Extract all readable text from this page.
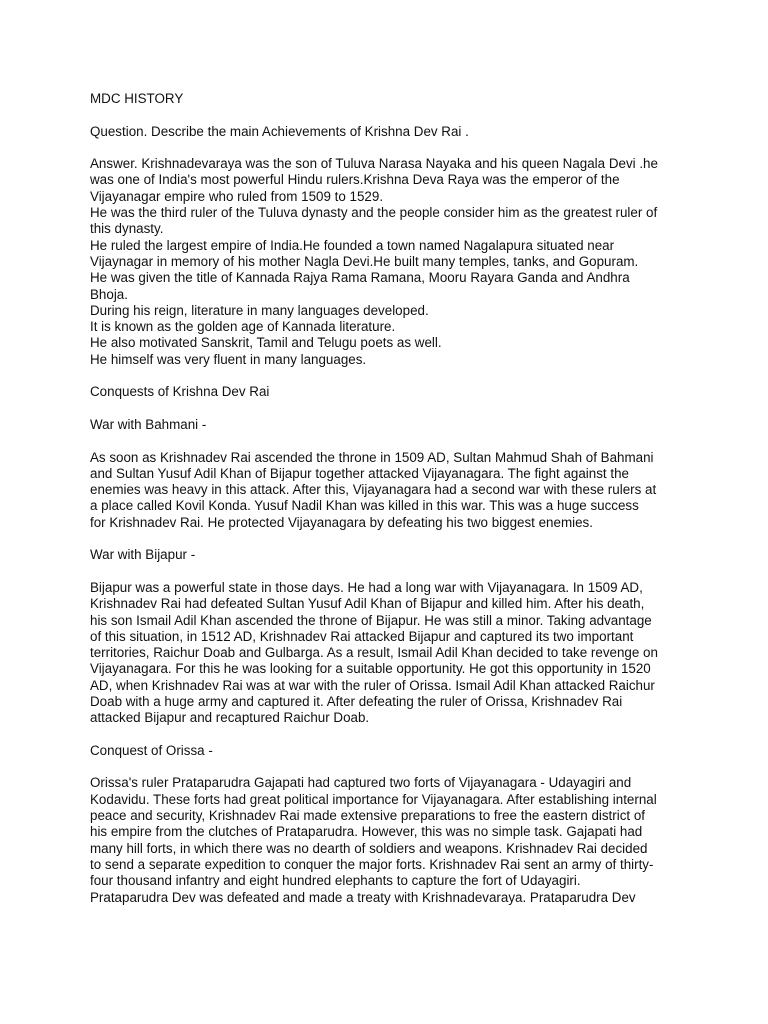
MDC HISTORY

Question. Describe the main Achievements of Krishna Dev Rai .

Answer. Krishnadevaraya was the son of Tuluva Narasa Nayaka and his queen Nagala Devi .he
was one of India's most powerful Hindu rulers.Krishna Deva Raya was the emperor of the
Vijayanagar empire who ruled from 1509 to 1529.
He was the third ruler of the Tuluva dynasty and the people consider him as the greatest ruler of
this dynasty.
He ruled the largest empire of India.He founded a town named Nagalapura situated near
Vijaynagar in memory of his mother Nagla Devi.He built many temples, tanks, and Gopuram.
He was given the title of Kannada Rajya Rama Ramana, Mooru Rayara Ganda and Andhra
Bhoja.
During his reign, literature in many languages developed.
It is known as the golden age of Kannada literature.
He also motivated Sanskrit, Tamil and Telugu poets as well.
He himself was very fluent in many languages.

Conquests of Krishna Dev Rai

War with Bahmani -

As soon as Krishnadev Rai ascended the throne in 1509 AD, Sultan Mahmud Shah of Bahmani
and Sultan Yusuf Adil Khan of Bijapur together attacked Vijayanagara. The fight against the
enemies was heavy in this attack. After this, Vijayanagara had a second war with these rulers at
a place called Kovil Konda. Yusuf Nadil Khan was killed in this war. This was a huge success
for Krishnadev Rai. He protected Vijayanagara by defeating his two biggest enemies.

War with Bijapur -

Bijapur was a powerful state in those days. He had a long war with Vijayanagara. In 1509 AD,
Krishnadev Rai had defeated Sultan Yusuf Adil Khan of Bijapur and killed him. After his death,
his son Ismail Adil Khan ascended the throne of Bijapur. He was still a minor. Taking advantage
of this situation, in 1512 AD, Krishnadev Rai attacked Bijapur and captured its two important
territories, Raichur Doab and Gulbarga. As a result, Ismail Adil Khan decided to take revenge on
Vijayanagara. For this he was looking for a suitable opportunity. He got this opportunity in 1520
AD, when Krishnadev Rai was at war with the ruler of Orissa. Ismail Adil Khan attacked Raichur
Doab with a huge army and captured it. After defeating the ruler of Orissa, Krishnadev Rai
attacked Bijapur and recaptured Raichur Doab.

Conquest of Orissa -

Orissa's ruler Prataparudra Gajapati had captured two forts of Vijayanagara - Udayagiri and
Kodavidu. These forts had great political importance for Vijayanagara. After establishing internal
peace and security, Krishnadev Rai made extensive preparations to free the eastern district of
his empire from the clutches of Prataparudra. However, this was no simple task. Gajapati had
many hill forts, in which there was no dearth of soldiers and weapons. Krishnadev Rai decided
to send a separate expedition to conquer the major forts. Krishnadev Rai sent an army of thirty-
four thousand infantry and eight hundred elephants to capture the fort of Udayagiri.
Prataparudra Dev was defeated and made a treaty with Krishnadevaraya. Prataparudra Dev
